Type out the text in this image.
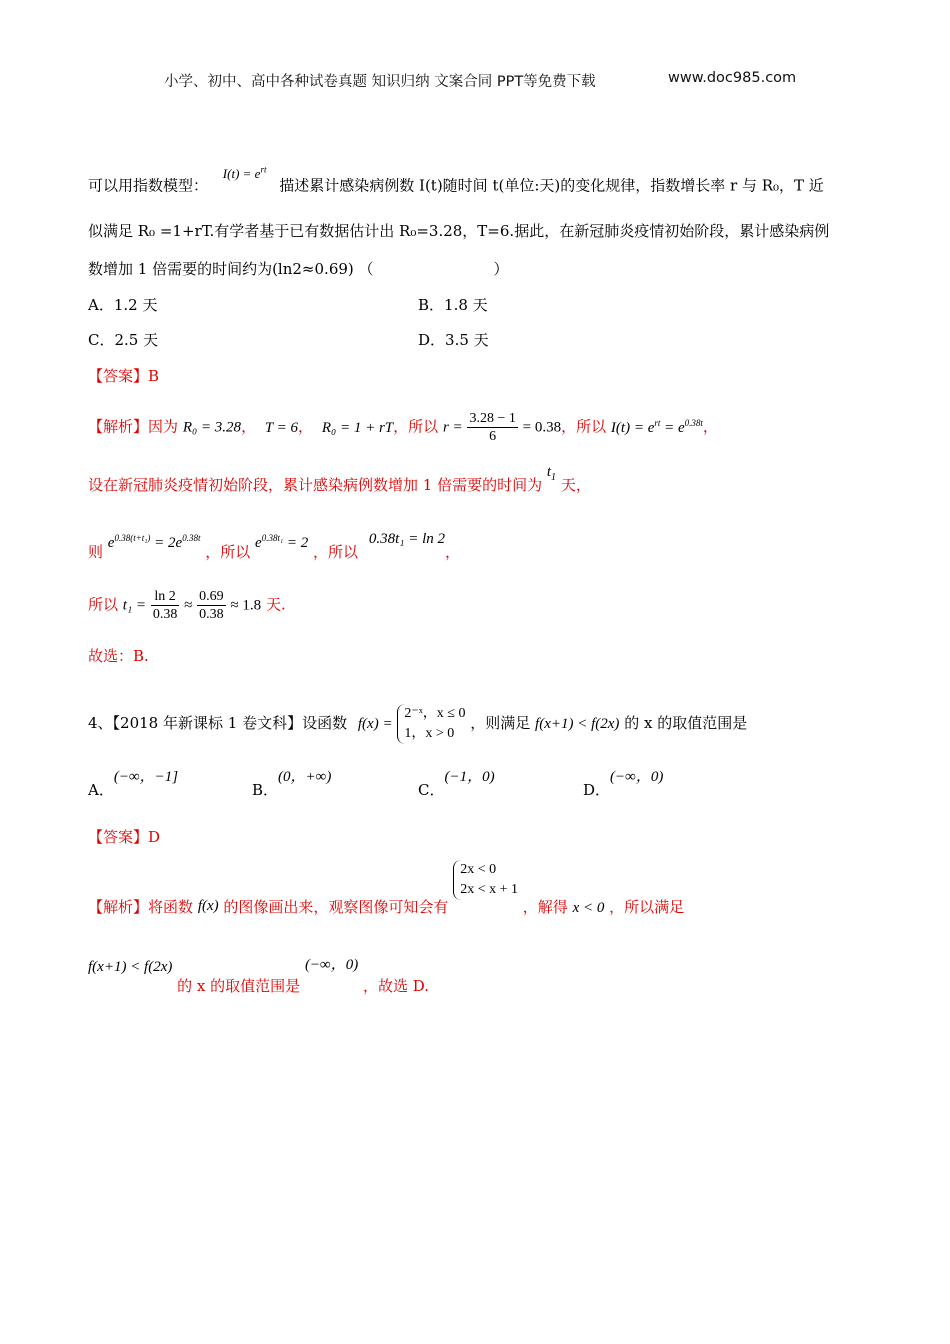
小学、初中、高中各种试卷真题 知识归纳 文案合同 PPT等免费下载	www.doc985.com
可以用指数模型： $I(t) = e^{rt}$ 描述累计感染病例数 I(t)随时间 t(单位:天)的变化规律，指数增长率 r 与 R₀，T 近
似满足 R₀ =1+rT.有学者基于已有数据估计出 R₀=3.28，T=6.据此，在新冠肺炎疫情初始阶段，累计感染病例
数增加 1 倍需要的时间约为(ln2≈0.69) （	）
A．1.2 天	B．1.8 天
C．2.5 天	D．3.5 天
【答案】B
【解析】因为 R₀ = 3.28， T = 6， R₀ = 1 + rT，所以 $r = \frac{3.28 - 1}{6} = 0.38$，所以 $I(t) = e^{rt} = e^{0.38t}$，
设在新冠肺炎疫情初始阶段，累计感染病例数增加 1 倍需要的时间为 $t_1$ 天，
则 $e^{0.38(t+t_1)} = 2e^{0.38t}$ ，所以 $e^{0.38t_1} = 2$ ，所以 0.38t₁ = ln 2，
所以 $t_1 = \frac{\ln 2}{0.38} \approx \frac{0.69}{0.38} \approx 1.8$ 天.
故选：B.
4、【2018 年新课标 1 卷文科】设函数 f(x) =
2⁻ˣ，x ≤ 0
1，x > 0
，则满足 f(x+1) < f(2x) 的 x 的取值范围是
A．(−∞，−1]
B．(0，+∞)
C．(−1，0)
D．(−∞，0)
【答案】D
【解析】将函数 f(x) 的图像画出来，观察图像可知会有
2x < 0
2x < x + 1
，解得 x < 0 ，所以满足
f(x+1) < f(2x) 的 x 的取值范围是 (−∞，0) ，故选 D.
